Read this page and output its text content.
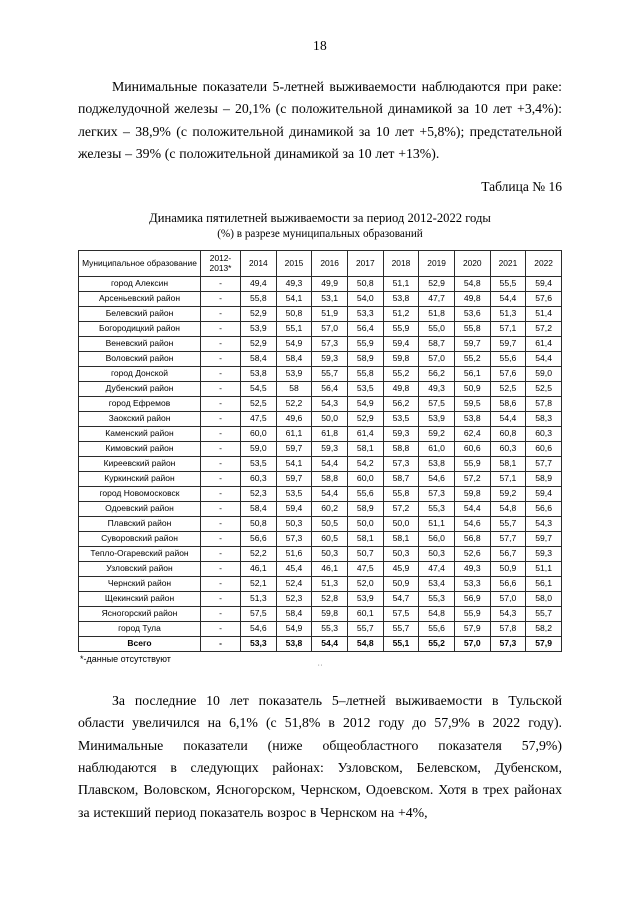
18

Минимальные показатели 5-летней выживаемости наблюдаются при раке: поджелудочной железы – 20,1% (с положительной динамикой за 10 лет +3,4%): легких – 38,9% (с положительной динамикой за 10 лет +5,8%); предстательной железы – 39% (с положительной динамикой за 10 лет +13%).

Таблица № 16
Динамика пятилетней выживаемости за период 2012-2022 годы
(%) в разрезе муниципальных образований
Муниципальное образование	2012-2013*	2014	2015	2016	2017	2018	2019	2020	2021	2022
город Алексин	-	49,4	49,3	49,9	50,8	51,1	52,9	54,8	55,5	59,4
Арсеньевский район	-	55,8	54,1	53,1	54,0	53,8	47,7	49,8	54,4	57,6
Белевский район	-	52,9	50,8	51,9	53,3	51,2	51,8	53,6	51,3	51,4
Богородицкий район	-	53,9	55,1	57,0	56,4	55,9	55,0	55,8	57,1	57,2
Веневский район	-	52,9	54,9	57,3	55,9	59,4	58,7	59,7	59,7	61,4
Воловский район	-	58,4	58,4	59,3	58,9	59,8	57,0	55,2	55,6	54,4
город Донской	-	53,8	53,9	55,7	55,8	55,2	56,2	56,1	57,6	59,0
Дубенский район	-	54,5	58	56,4	53,5	49,8	49,3	50,9	52,5	52,5
город Ефремов	-	52,5	52,2	54,3	54,9	56,2	57,5	59,5	58,6	57,8
Заокский район	-	47,5	49,6	50,0	52,9	53,5	53,9	53,8	54,4	58,3
Каменский район	-	60,0	61,1	61,8	61,4	59,3	59,2	62,4	60,8	60,3
Кимовский район	-	59,0	59,7	59,3	58,1	58,8	61,0	60,6	60,3	60,6
Киреевский район	-	53,5	54,1	54,4	54,2	57,3	53,8	55,9	58,1	57,7
Куркинский район	-	60,3	59,7	58,8	60,0	58,7	54,6	57,2	57,1	58,9
город Новомосковск	-	52,3	53,5	54,4	55,6	55,8	57,3	59,8	59,2	59,4
Одоевский район	-	58,4	59,4	60,2	58,9	57,2	55,3	54,4	54,8	56,6
Плавский район	-	50,8	50,3	50,5	50,0	50,0	51,1	54,6	55,7	54,3
Суворовский район	-	56,6	57,3	60,5	58,1	58,1	56,0	56,8	57,7	59,7
Тепло-Огаревский район	-	52,2	51,6	50,3	50,7	50,3	50,3	52,6	56,7	59,3
Узловский район	-	46,1	45,4	46,1	47,5	45,9	47,4	49,3	50,9	51,1
Чернский район	-	52,1	52,4	51,3	52,0	50,9	53,4	53,3	56,6	56,1
Щекинский район	-	51,3	52,3	52,8	53,9	54,7	55,3	56,9	57,0	58,0
Ясногорский район	-	57,5	58,4	59,8	60,1	57,5	54,8	55,9	54,3	55,7
город Тула	-	54,6	54,9	55,3	55,7	55,7	55,6	57,9	57,8	58,2
Всего	-	53,3	53,8	54,4	54,8	55,1	55,2	57,0	57,3	57,9
*-данные отсутствуют
˙˙

За последние 10 лет показатель 5–летней выживаемости в Тульской области увеличился на 6,1% (с 51,8% в 2012 году до 57,9% в 2022 году). Минимальные показатели (ниже общеобластного показателя 57,9%) наблюдаются в следующих районах: Узловском, Белевском, Дубенском, Плавском, Воловском, Ясногорском, Чернском, Одоевском. Хотя в трех районах за истекший период показатель возрос в Чернском на +4%,
